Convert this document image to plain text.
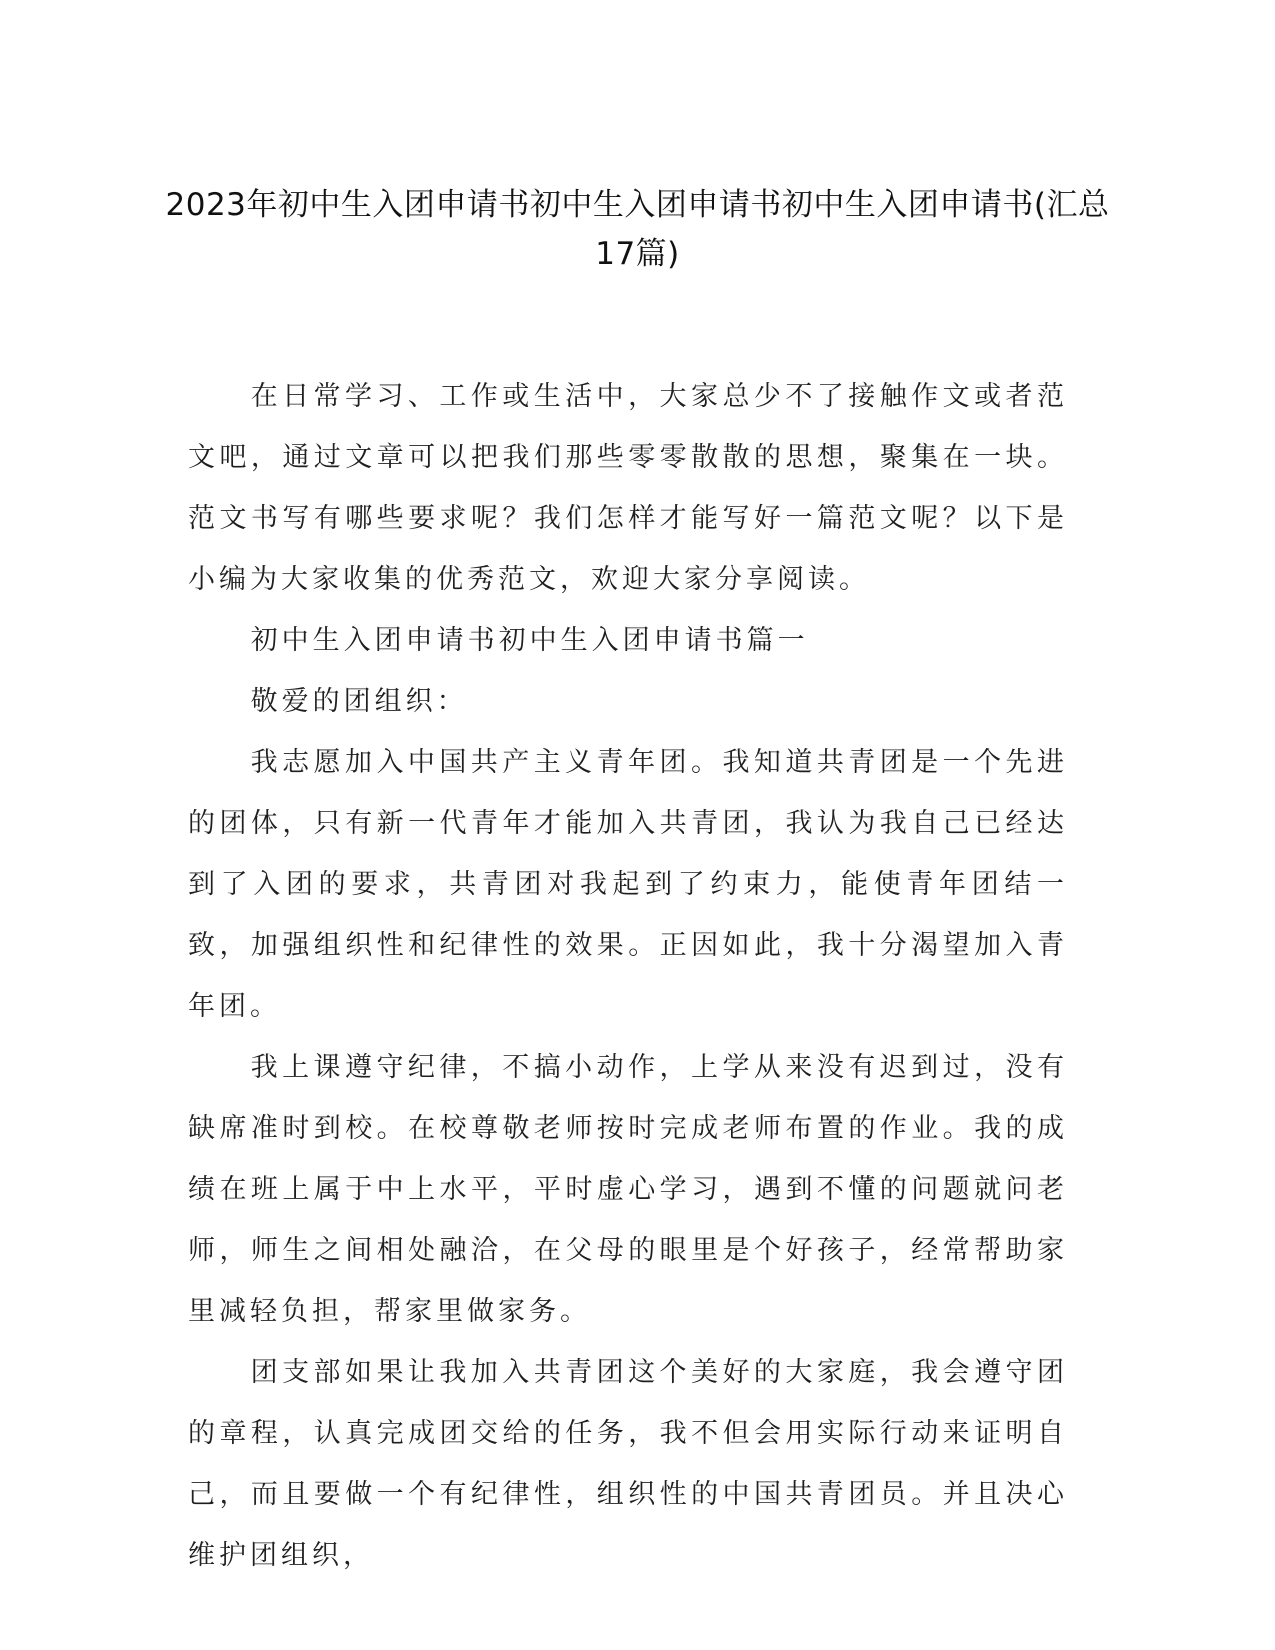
2023年初中生入团申请书初中生入团申请书初中生入团申请书(汇总17篇)

在日常学习、工作或生活中，大家总少不了接触作文或者范文吧，通过文章可以把我们那些零零散散的思想，聚集在一块。范文书写有哪些要求呢？我们怎样才能写好一篇范文呢？以下是小编为大家收集的优秀范文，欢迎大家分享阅读。

初中生入团申请书初中生入团申请书篇一

敬爱的团组织：

我志愿加入中国共产主义青年团。我知道共青团是一个先进的团体，只有新一代青年才能加入共青团，我认为我自己已经达到了入团的要求，共青团对我起到了约束力，能使青年团结一致，加强组织性和纪律性的效果。正因如此，我十分渴望加入青年团。

我上课遵守纪律，不搞小动作，上学从来没有迟到过，没有缺席准时到校。在校尊敬老师按时完成老师布置的作业。我的成绩在班上属于中上水平，平时虚心学习，遇到不懂的问题就问老师，师生之间相处融洽，在父母的眼里是个好孩子，经常帮助家里减轻负担，帮家里做家务。

团支部如果让我加入共青团这个美好的大家庭，我会遵守团的章程，认真完成团交给的任务，我不但会用实际行动来证明自己，而且要做一个有纪律性，组织性的中国共青团员。并且决心维护团组织，
